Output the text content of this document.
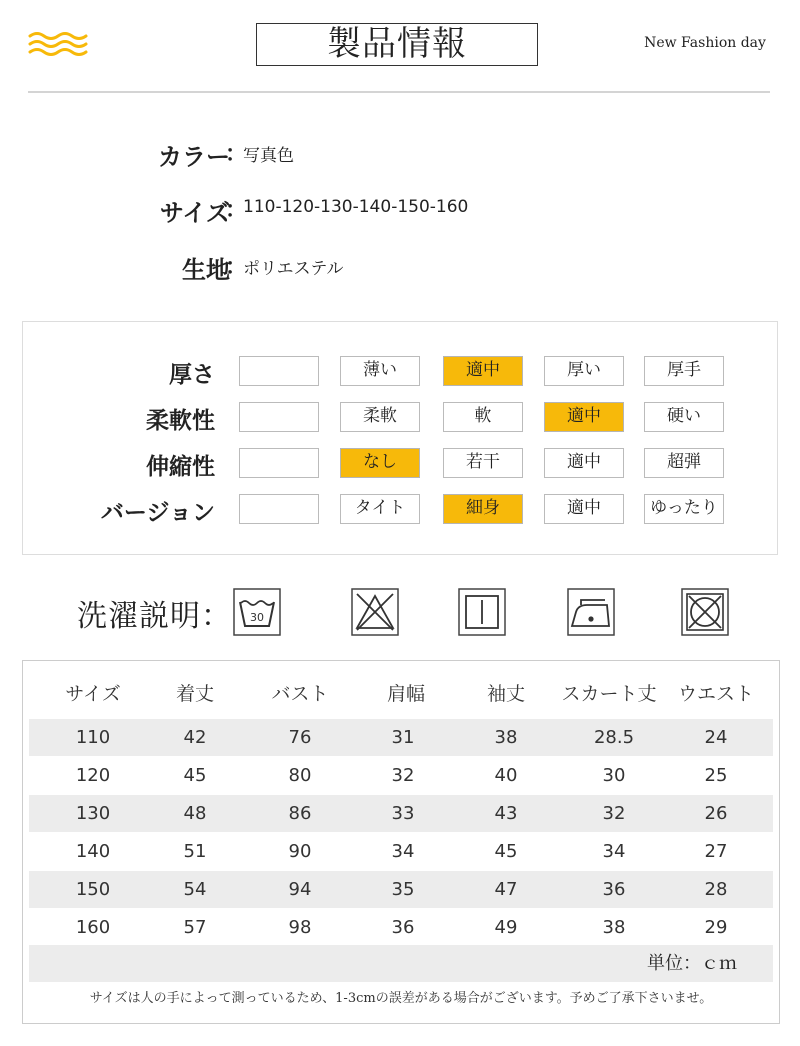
製品情報	New Fashion day
カラー
：
写真色
サイズ
：
110-120-130-140-150-160
生地
：
ポリエステル
厚さ	薄い	適中	厚い	厚手
柔軟性	柔軟	軟	適中	硬い
伸縮性	なし	若干	適中	超弾
バージョン	タイト	細身	適中	ゆったり
洗濯説明： 30
サイズ	着丈	バスト	肩幅	袖丈	スカート丈	ウエスト
110	42	76	31	38	28.5	24
120	45	80	32	40	30	25
130	48	86	33	43	32	26
140	51	90	34	45	34	27
150	54	94	35	47	36	28
160	57	98	36	49	38	29
単位：ｃｍ
サイズは人の手によって測っているため、1-3cmの誤差がある場合がございます。予めご了承下さいませ。
